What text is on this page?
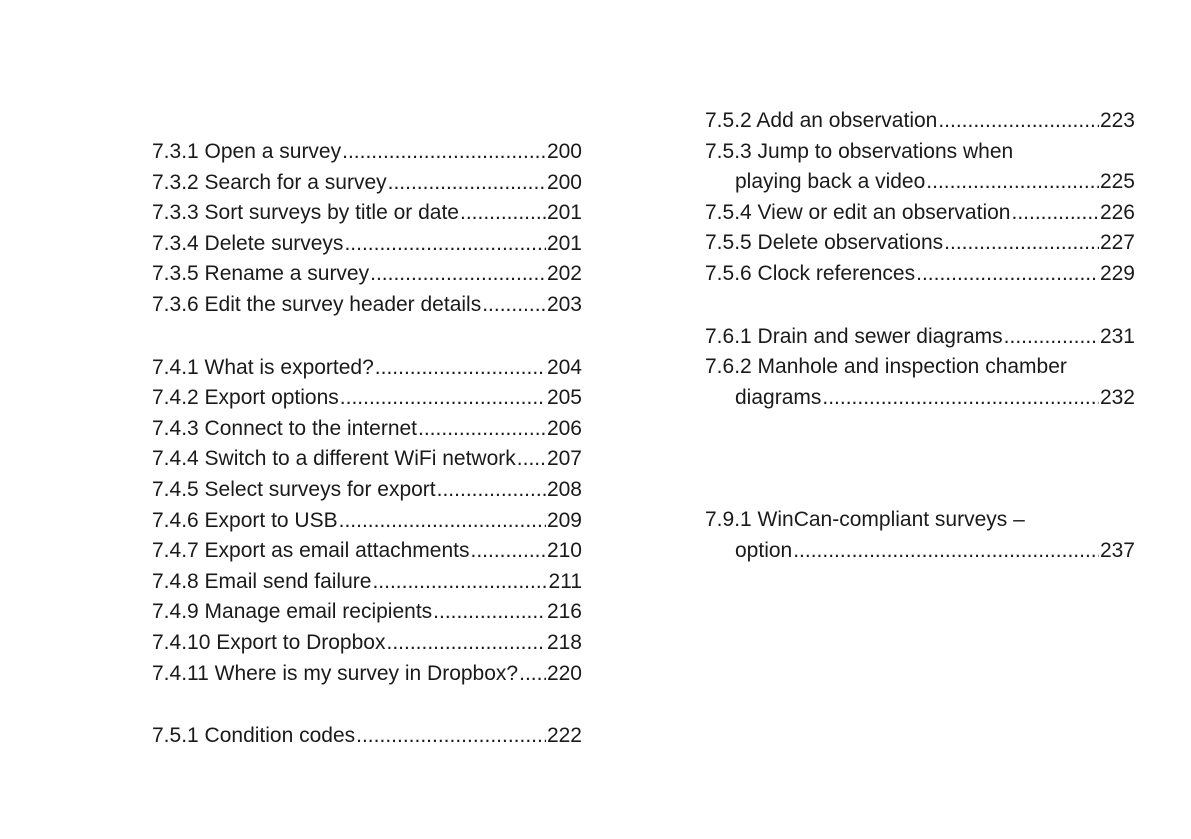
7.3.1 Open a survey .....	200
7.3.2 Search for a survey .....	200
7.3.3 Sort surveys by title or date .....	201
7.3.4 Delete surveys .....	201
7.3.5 Rename a survey .....	202
7.3.6 Edit the survey header details .....	203
7.4.1 What is exported? .....	204
7.4.2 Export options .....	205
7.4.3 Connect to the internet .....	206
7.4.4 Switch to a different WiFi network ..... 207
7.4.5 Select surveys for export .....	208
7.4.6 Export to USB .....	209
7.4.7 Export as email attachments .....	210
7.4.8 Email send failure .....	211
7.4.9 Manage email recipients .....	216
7.4.10 Export to Dropbox .....	218
7.4.11 Where is my survey in Dropbox? ..... 220
7.5.1 Condition codes .....	222
7.5.2 Add an observation .....	223
7.5.3 Jump to observations when
playing back a video .....	225
7.5.4 View or edit an observation .....	226
7.5.5 Delete observations .....	227
7.5.6 Clock references .....	229
7.6.1 Drain and sewer diagrams .....	231
7.6.2 Manhole and inspection chamber
diagrams .....	232
7.9.1 WinCan-compliant surveys –
option .....	237
